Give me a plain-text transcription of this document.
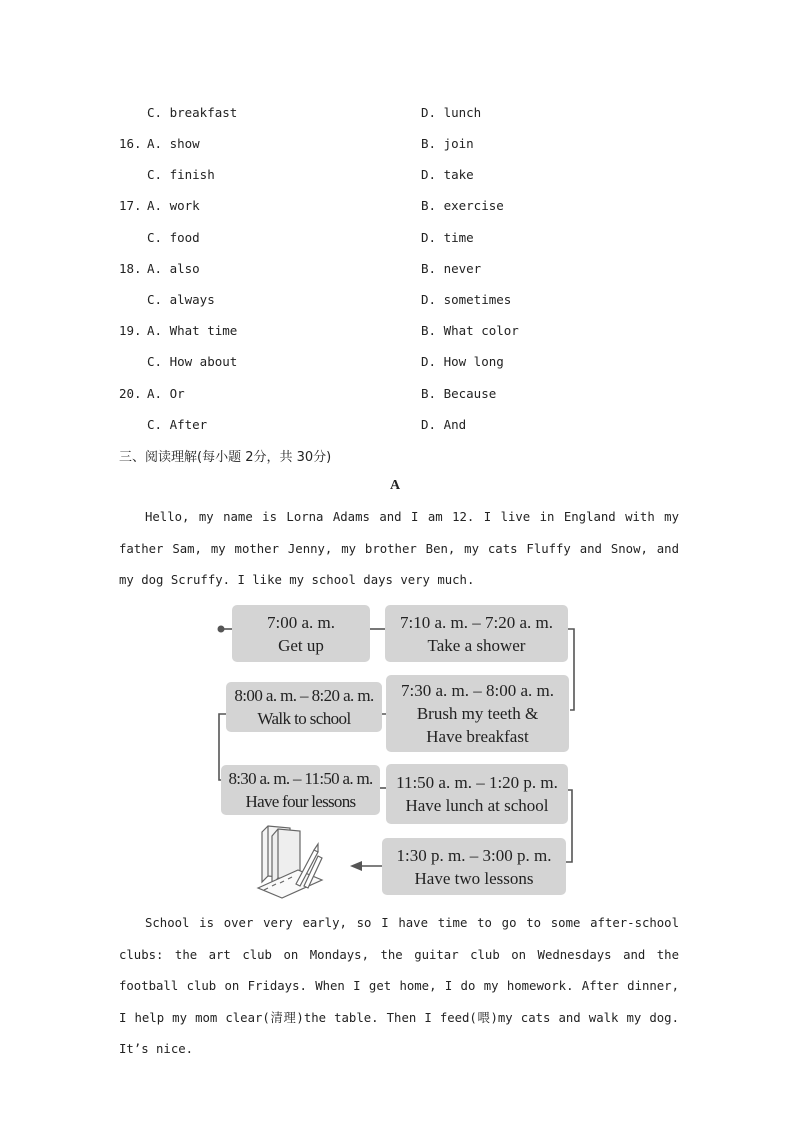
C. breakfast	D. lunch
16. A. show	B. join
C. finish	D. take
17. A. work	B. exercise
C. food	D. time
18. A. also	B. never
C. always	D. sometimes
19. A. What time	B. What color
C. How about	D. How long
20. A. Or	B. Because
C. After	D. And
三、阅读理解(每小题 2分，共 30分)
A
Hello, my name is Lorna Adams and I am 12. I live in England with my father Sam, my mother Jenny, my brother Ben, my cats Fluffy and Snow, and my dog Scruffy. I like my school days very much.
7:00 a. m.
Get up
7:10 a. m. – 7:20 a. m.
Take a shower
7:30 a. m. – 8:00 a. m.
Brush my teeth &
Have breakfast
8:00 a. m. – 8:20 a. m.
Walk to school
8:30 a. m. – 11:50 a. m.
Have four lessons
11:50 a. m. – 1:20 p. m.
Have lunch at school
1:30 p. m. – 3:00 p. m.
Have two lessons
School is over very early, so I have time to go to some after-school clubs: the art club on Mondays, the guitar club on Wednesdays and the football club on Fridays. When I get home, I do my homework. After dinner, I help my mom clear(清理)the table. Then I feed(喂)my cats and walk my dog. It’s nice.
